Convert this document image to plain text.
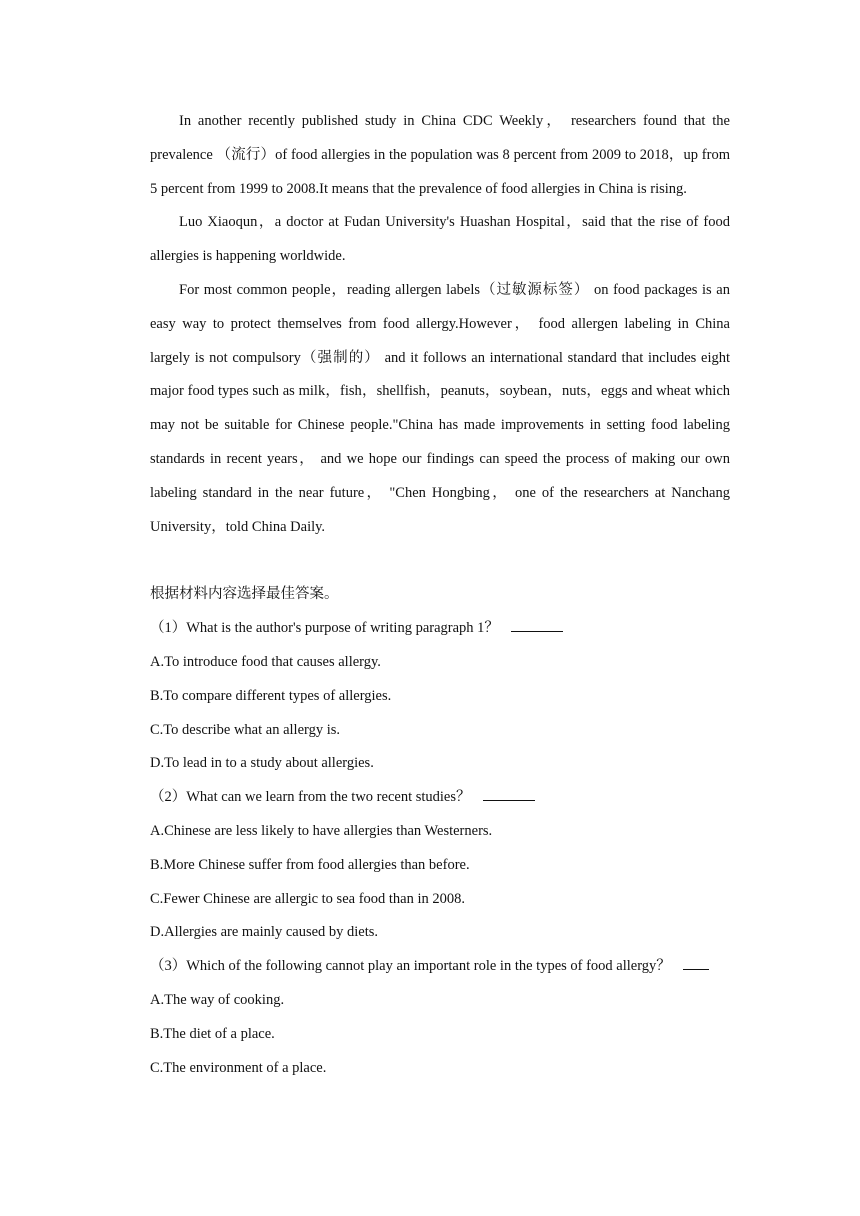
In another recently published study in China CDC Weekly， researchers found that the prevalence （流行）of food allergies in the population was 8 percent from 2009 to 2018，up from 5 percent from 1999 to 2008.It means that the prevalence of food allergies in China is rising.

Luo Xiaoqun，a doctor at Fudan University's Huashan Hospital，said that the rise of food allergies is happening worldwide.

For most common people，reading allergen labels（过敏源标签） on food packages is an easy way to protect themselves from food allergy.However， food allergen labeling in China largely is not compulsory（强制的） and it follows an international standard that includes eight major food types such as milk，fish，shellfish，peanuts，soybean，nuts，eggs and wheat which may not be suitable for Chinese people."China has made improvements in setting food labeling standards in recent years， and we hope our findings can speed the process of making our own labeling standard in the near future， "Chen Hongbing， one of the researchers at Nanchang University，told China Daily.

根据材料内容选择最佳答案。

（1）What is the author's purpose of writing paragraph 1？

A.To introduce food that causes allergy.

B.To compare different types of allergies.

C.To describe what an allergy is.

D.To lead in to a study about allergies.

（2）What can we learn from the two recent studies？

A.Chinese are less likely to have allergies than Westerners.

B.More Chinese suffer from food allergies than before.

C.Fewer Chinese are allergic to sea food than in 2008.

D.Allergies are mainly caused by diets.

（3）Which of the following cannot play an important role in the types of food allergy？

A.The way of cooking.

B.The diet of a place.

C.The environment of a place.
